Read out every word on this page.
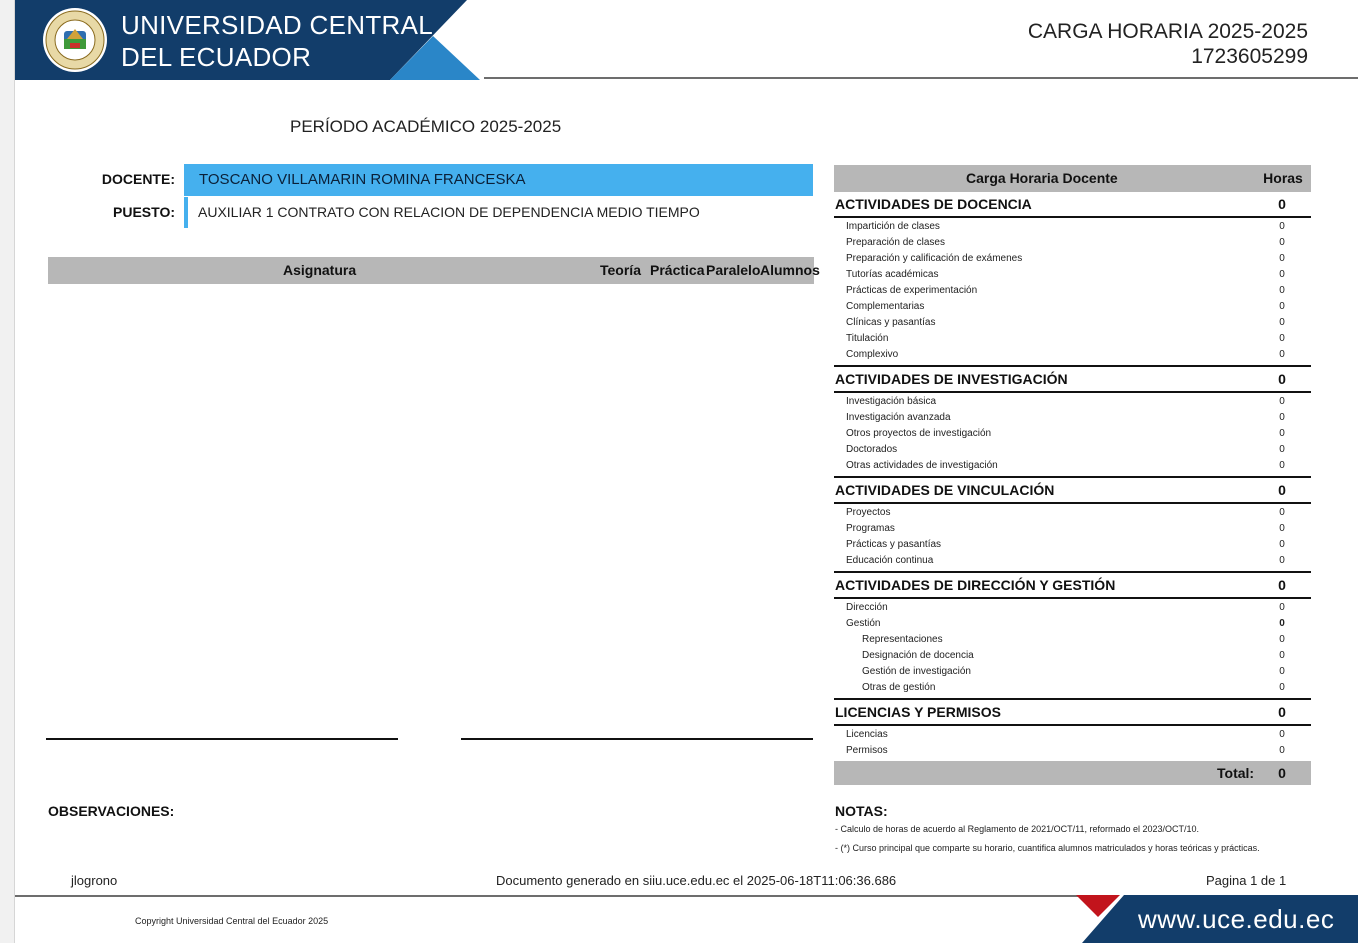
UNIVERSIDAD CENTRAL
DEL ECUADOR
CARGA HORARIA 2025-2025
1723605299
PERÍODO ACADÉMICO 2025-2025
DOCENTE:	TOSCANO VILLAMARIN ROMINA FRANCESKA
PUESTO: AUXILIAR 1 CONTRATO CON RELACION DE DEPENDENCIA MEDIO TIEMPO
Asignatura	Teoría Práctica Paralelo Alumnos
OBSERVACIONES:
Carga Horaria Docente	Horas
ACTIVIDADES DE DOCENCIA	0
Impartición de clases	0
Preparación de clases	0
Preparación y calificación de exámenes	0
Tutorías académicas	0
Prácticas de experimentación	0
Complementarias	0
Clínicas y pasantías	0
Titulación	0
Complexivo	0
ACTIVIDADES DE INVESTIGACIÓN	0
Investigación básica	0
Investigación avanzada	0
Otros proyectos de investigación	0
Doctorados	0
Otras actividades de investigación	0
ACTIVIDADES DE VINCULACIÓN	0
Proyectos	0
Programas	0
Prácticas y pasantías	0
Educación continua	0
ACTIVIDADES DE DIRECCIÓN Y GESTIÓN	0
Dirección	0
Gestión	0
Representaciones	0
Designación de docencia	0
Gestión de investigación	0
Otras de gestión	0
LICENCIAS Y PERMISOS	0
Licencias	0
Permisos	0
Total: 0
NOTAS:
- Calculo de horas de acuerdo al Reglamento de 2021/OCT/11, reformado el 2023/OCT/10.
- (*) Curso principal que comparte su horario, cuantifica alumnos matriculados y horas teóricas y prácticas.
jlogrono	Documento generado en siiu.uce.edu.ec el 2025-06-18T11:06:36.686	Pagina 1 de 1
Copyright Universidad Central del Ecuador 2025	www.uce.edu.ec
